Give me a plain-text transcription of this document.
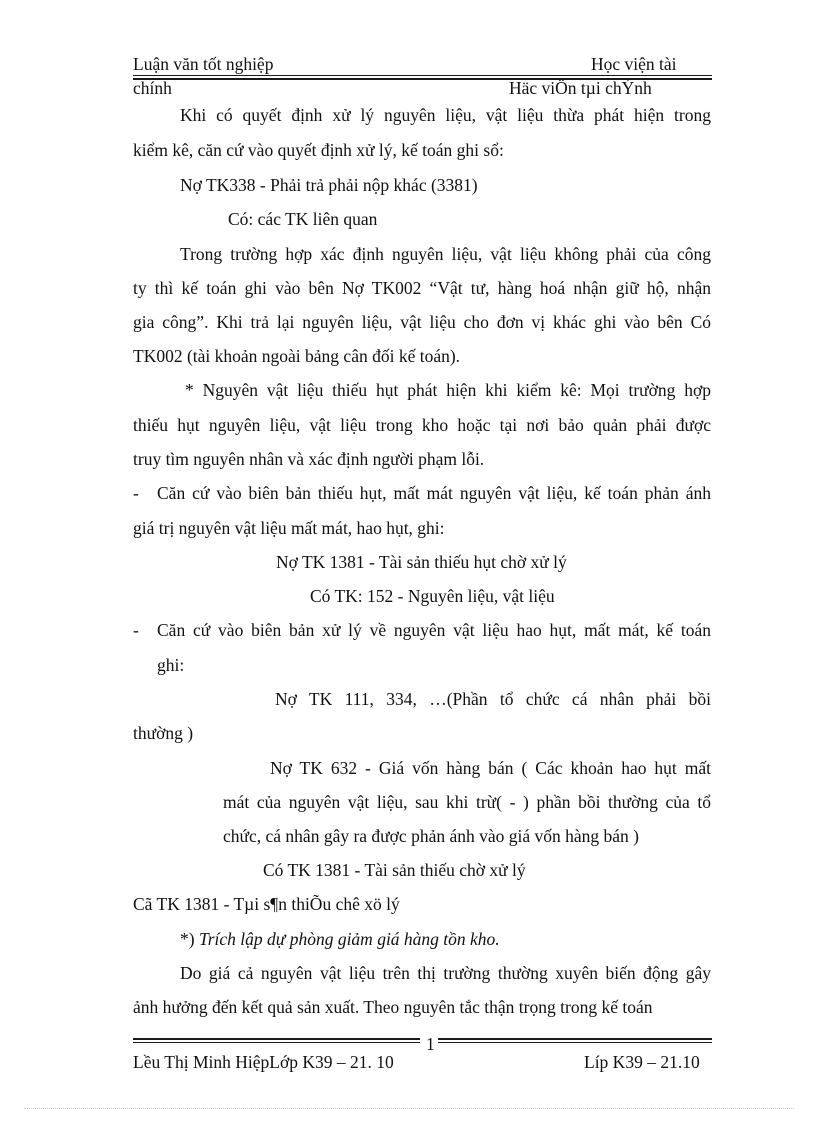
Luận văn tốt nghiệp	Học viện tài
chính	Häc viÖn tµi chÝnh
Khi có quyết định xử lý nguyên liệu, vật liệu thừa phát hiện trong
kiểm kê, căn cứ vào quyết định xử lý, kế toán ghi sổ:
Nợ TK338 - Phải trả phải nộp khác (3381)
Có: các TK liên quan
Trong trường hợp xác định nguyên liệu, vật liệu không phải của công
ty thì kế toán ghi vào bên Nợ TK002 “Vật tư, hàng hoá nhận giữ hộ, nhận
gia công”. Khi trả lại nguyên liệu, vật liệu cho đơn vị khác ghi vào bên Có
TK002 (tài khoản ngoài bảng cân đối kế toán).
* Nguyên vật liệu thiếu hụt phát hiện khi kiểm kê: Mọi trường hợp
thiếu hụt nguyên liệu, vật liệu trong kho hoặc tại nơi bảo quản phải được
truy tìm nguyên nhân và xác định người phạm lỗi.
- Căn cứ vào biên bản thiếu hụt, mất mát nguyên vật liệu, kế toán phản ánh
giá trị nguyên vật liệu mất mát, hao hụt, ghi:
Nợ TK 1381 - Tài sản thiếu hụt chờ xử lý
Có TK: 152 - Nguyên liệu, vật liệu
- Căn cứ vào biên bản xử lý về nguyên vật liệu hao hụt, mất mát, kế toán
ghi:
Nợ TK 111, 334, …(Phần tổ chức cá nhân phải bồi
thường )
Nợ TK 632 - Giá vốn hàng bán ( Các khoản hao hụt mất
mát của nguyên vật liệu, sau khi trừ( - ) phần bồi thường của tổ
chức, cá nhân gây ra được phản ánh vào giá vốn hàng bán )
Có TK 1381 - Tài sản thiếu chờ xử lý
Cã TK 1381 - Tµi s¶n thiÕu chê xö lý
*) Trích lập dự phòng giảm giá hàng tồn kho.
Do giá cả nguyên vật liệu trên thị trường thường xuyên biến động gây
ảnh hưởng đến kết quả sản xuất. Theo nguyên tắc thận trọng trong kế toán
1
Lều Thị Minh HiệpLớp K39 – 21. 10	Líp K39 – 21.10
